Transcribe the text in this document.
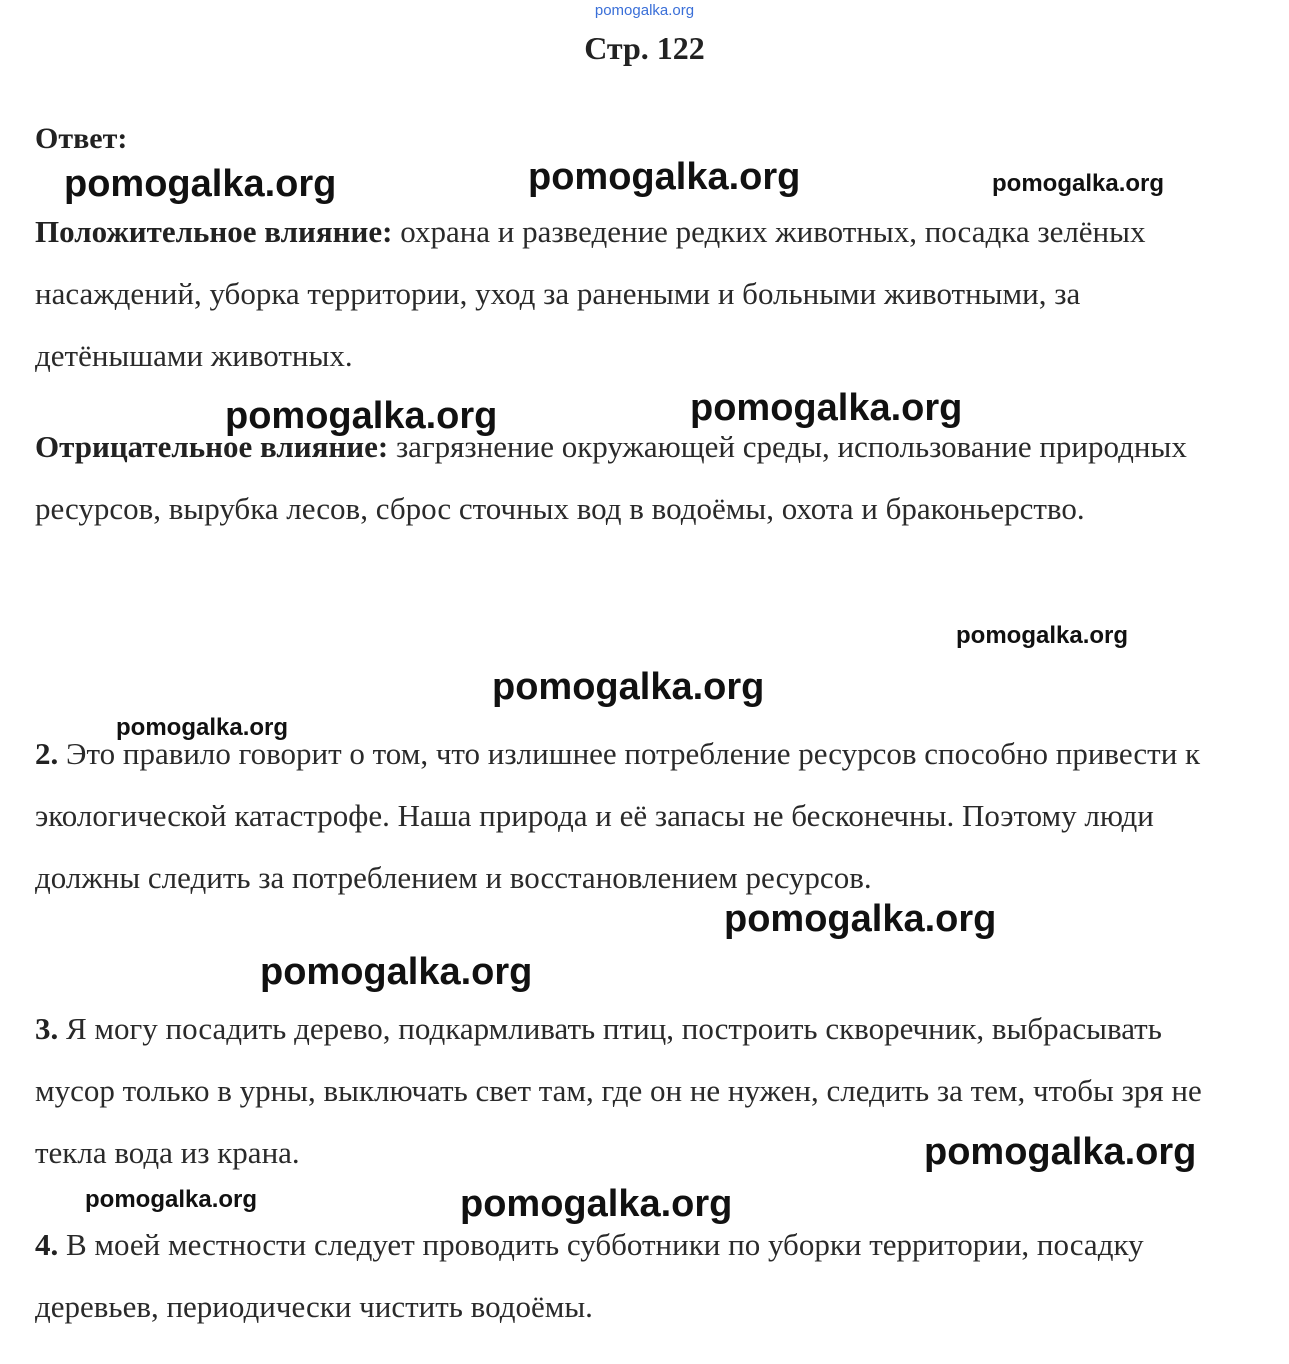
pomogalka.org
Стр. 122

Ответ:

Положительное влияние: охрана и разведение редких животных, посадка зелёных насаждений, уборка территории, уход за ранеными и больными животными, за детёнышами животных.

Отрицательное влияние: загрязнение окружающей среды, использование природных ресурсов, вырубка лесов, сброс сточных вод в водоёмы, охота и браконьерство.

2. Это правило говорит о том, что излишнее потребление ресурсов способно привести к экологической катастрофе. Наша природа и её запасы не бесконечны. Поэтому люди должны следить за потреблением и восстановлением ресурсов.

3. Я могу посадить дерево, подкармливать птиц, построить скворечник, выбрасывать мусор только в урны, выключать свет там, где он не нужен, следить за тем, чтобы зря не текла вода из крана.

4. В моей местности следует проводить субботники по уборки территории, посадку деревьев, периодически чистить водоёмы.

pomogalka.org	pomogalka.org	pomogalka.org
pomogalka.org	pomogalka.org
pomogalka.org
pomogalka.org
pomogalka.org
pomogalka.org
pomogalka.org
pomogalka.org
pomogalka.org	pomogalka.org
